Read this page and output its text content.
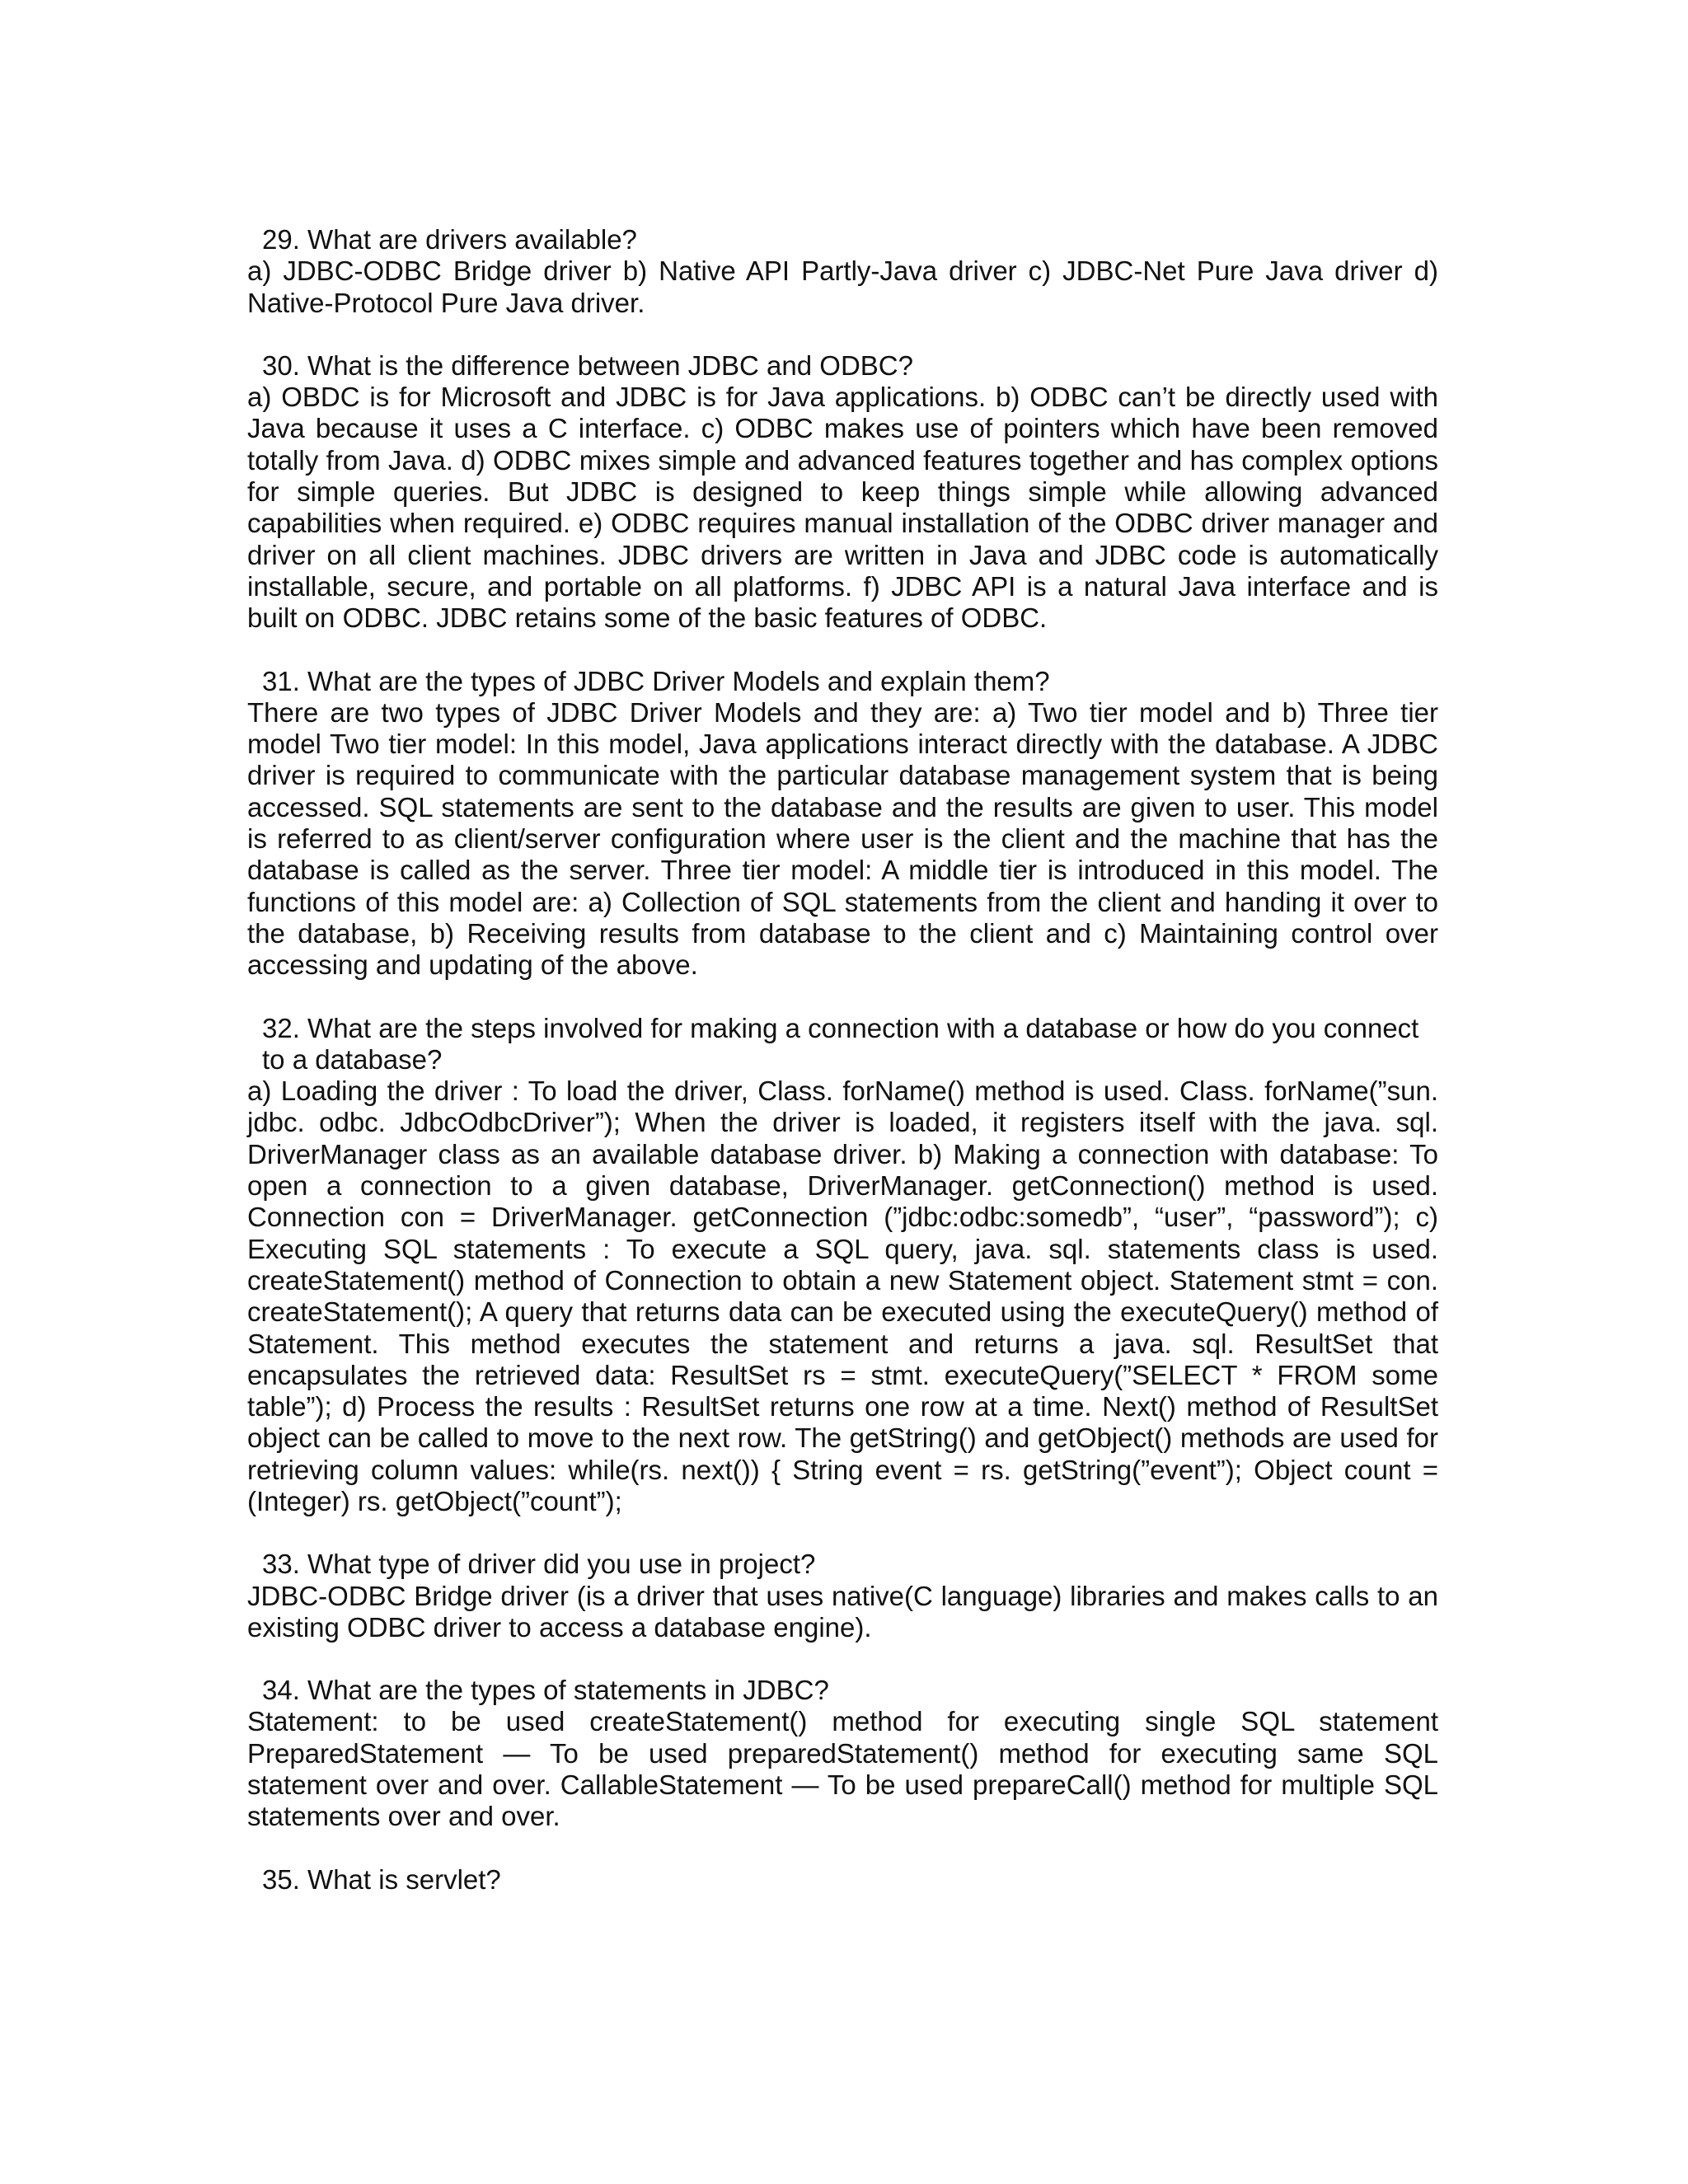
29. What are drivers available?

a) JDBC-ODBC Bridge driver b) Native API Partly-Java driver c) JDBC-Net Pure Java driver d) Native-Protocol Pure Java driver.

30. What is the difference between JDBC and ODBC?

a) OBDC is for Microsoft and JDBC is for Java applications. b) ODBC can’t be directly used with Java because it uses a C interface. c) ODBC makes use of pointers which have been removed totally from Java. d) ODBC mixes simple and advanced features together and has complex options for simple queries. But JDBC is designed to keep things simple while allowing advanced capabilities when required. e) ODBC requires manual installation of the ODBC driver manager and driver on all client machines. JDBC drivers are written in Java and JDBC code is automatically installable, secure, and portable on all platforms. f) JDBC API is a natural Java interface and is built on ODBC. JDBC retains some of the basic features of ODBC.

31. What are the types of JDBC Driver Models and explain them?

There are two types of JDBC Driver Models and they are: a) Two tier model and b) Three tier model Two tier model: In this model, Java applications interact directly with the database. A JDBC driver is required to communicate with the particular database management system that is being accessed. SQL statements are sent to the database and the results are given to user. This model is referred to as client/server configuration where user is the client and the machine that has the database is called as the server. Three tier model: A middle tier is introduced in this model. The functions of this model are: a) Collection of SQL statements from the client and handing it over to the database, b) Receiving results from database to the client and c) Maintaining control over accessing and updating of the above.

32. What are the steps involved for making a connection with a database or how do you connect to a database?

a) Loading the driver : To load the driver, Class. forName() method is used. Class. forName(”sun. jdbc. odbc. JdbcOdbcDriver”); When the driver is loaded, it registers itself with the java. sql. DriverManager class as an available database driver. b) Making a connection with database: To open a connection to a given database, DriverManager. getConnection() method is used. Connection con = DriverManager. getConnection (”jdbc:odbc:somedb”, “user”, “password”); c) Executing SQL statements : To execute a SQL query, java. sql. statements class is used. createStatement() method of Connection to obtain a new Statement object. Statement stmt = con. createStatement(); A query that returns data can be executed using the executeQuery() method of Statement. This method executes the statement and returns a java. sql. ResultSet that encapsulates the retrieved data: ResultSet rs = stmt. executeQuery(”SELECT * FROM some table”); d) Process the results : ResultSet returns one row at a time. Next() method of ResultSet object can be called to move to the next row. The getString() and getObject() methods are used for retrieving column values: while(rs. next()) { String event = rs. getString(”event”); Object count = (Integer) rs. getObject(”count”);

33. What type of driver did you use in project?

JDBC-ODBC Bridge driver (is a driver that uses native(C language) libraries and makes calls to an existing ODBC driver to access a database engine).

34. What are the types of statements in JDBC?

Statement: to be used createStatement() method for executing single SQL statement PreparedStatement — To be used preparedStatement() method for executing same SQL statement over and over. CallableStatement — To be used prepareCall() method for multiple SQL statements over and over.

35. What is servlet?
